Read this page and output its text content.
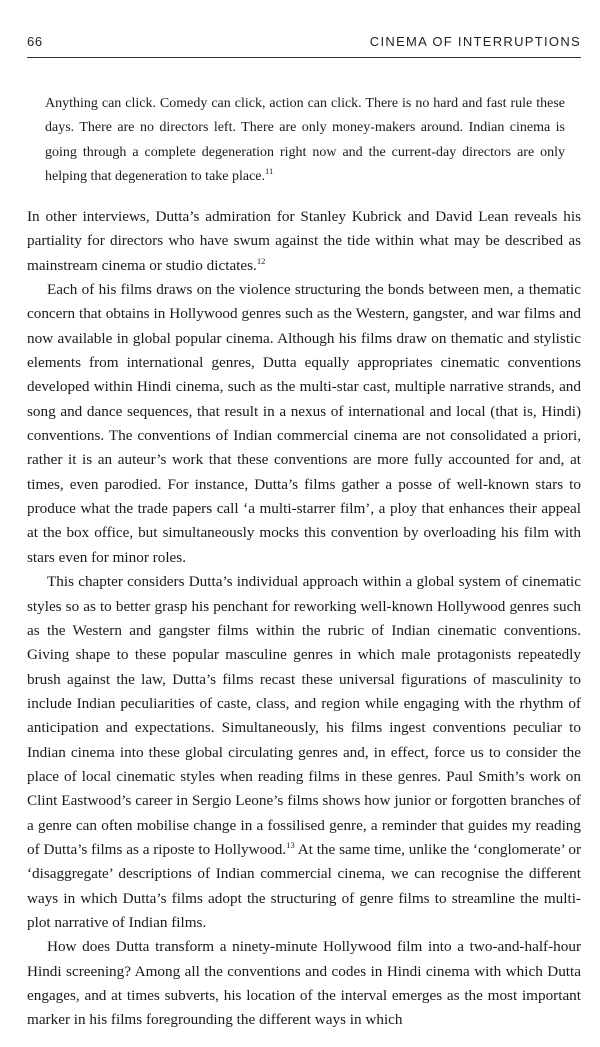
66	CINEMA OF INTERRUPTIONS

Anything can click. Comedy can click, action can click. There is no hard and fast rule these days. There are no directors left. There are only money-makers around. Indian cinema is going through a complete degeneration right now and the current-day directors are only helping that degeneration to take place.$^{11}$

In other interviews, Dutta’s admiration for Stanley Kubrick and David Lean reveals his partiality for directors who have swum against the tide within what may be described as mainstream cinema or studio dictates.$^{12}$

Each of his films draws on the violence structuring the bonds between men, a thematic concern that obtains in Hollywood genres such as the Western, gangster, and war films and now available in global popular cinema. Although his films draw on thematic and stylistic elements from international genres, Dutta equally appropriates cinematic conventions developed within Hindi cinema, such as the multi-star cast, multiple narrative strands, and song and dance sequences, that result in a nexus of international and local (that is, Hindi) conventions. The conventions of Indian commercial cinema are not consolidated a priori, rather it is an auteur’s work that these conventions are more fully accounted for and, at times, even parodied. For instance, Dutta’s films gather a posse of well-known stars to produce what the trade papers call ‘a multi-starrer film’, a ploy that enhances their appeal at the box office, but simultaneously mocks this convention by overloading his film with stars even for minor roles.

This chapter considers Dutta’s individual approach within a global system of cinematic styles so as to better grasp his penchant for reworking well-known Hollywood genres such as the Western and gangster films within the rubric of Indian cinematic conventions. Giving shape to these popular masculine genres in which male protagonists repeatedly brush against the law, Dutta’s films recast these universal figurations of masculinity to include Indian peculiarities of caste, class, and region while engaging with the rhythm of anticipation and expectations. Simultaneously, his films ingest conventions peculiar to Indian cinema into these global circulating genres and, in effect, force us to consider the place of local cinematic styles when reading films in these genres. Paul Smith’s work on Clint Eastwood’s career in Sergio Leone’s films shows how junior or forgotten branches of a genre can often mobilise change in a fossilised genre, a reminder that guides my reading of Dutta’s films as a riposte to Hollywood.$^{13}$ At the same time, unlike the ‘conglomerate’ or ‘disaggregate’ descriptions of Indian commercial cinema, we can recognise the different ways in which Dutta’s films adopt the structuring of genre films to streamline the multi-plot narrative of Indian films.

How does Dutta transform a ninety-minute Hollywood film into a two-and-half-hour Hindi screening? Among all the conventions and codes in Hindi cinema with which Dutta engages, and at times subverts, his location of the interval emerges as the most important marker in his films foregrounding the different ways in which
